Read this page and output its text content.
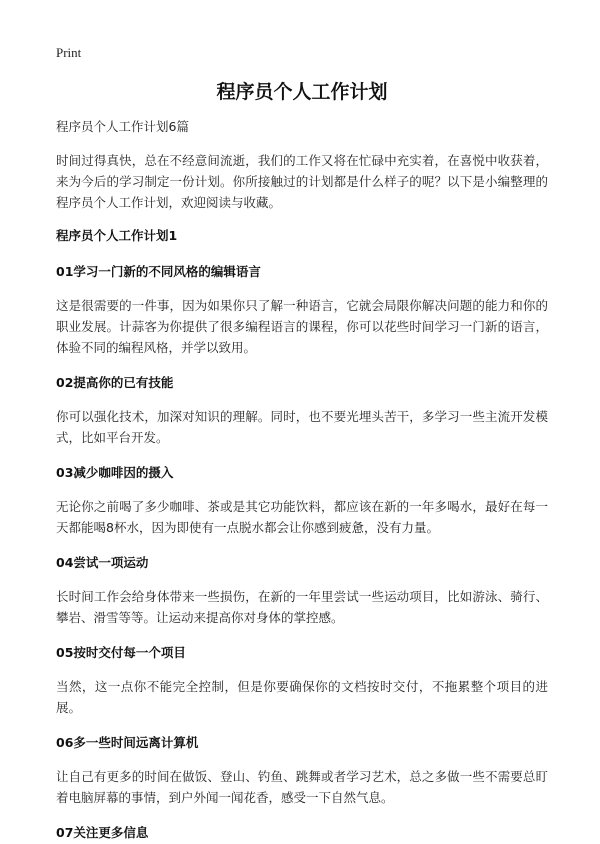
Print
程序员个人工作计划
程序员个人工作计划6篇
时间过得真快，总在不经意间流逝，我们的工作又将在忙碌中充实着，在喜悦中收获着，来为今后的学习制定一份计划。你所接触过的计划都是什么样子的呢？以下是小编整理的程序员个人工作计划，欢迎阅读与收藏。
程序员个人工作计划1
01学习一门新的不同风格的编辑语言
这是很需要的一件事，因为如果你只了解一种语言，它就会局限你解决问题的能力和你的职业发展。计蒜客为你提供了很多编程语言的课程，你可以花些时间学习一门新的语言，体验不同的编程风格，并学以致用。
02提高你的已有技能
你可以强化技术，加深对知识的理解。同时，也不要光埋头苦干，多学习一些主流开发模式，比如平台开发。
03减少咖啡因的摄入
无论你之前喝了多少咖啡、茶或是其它功能饮料，都应该在新的一年多喝水，最好在每一天都能喝8杯水，因为即使有一点脱水都会让你感到疲惫，没有力量。
04尝试一项运动
长时间工作会给身体带来一些损伤，在新的一年里尝试一些运动项目，比如游泳、骑行、攀岩、滑雪等等。让运动来提高你对身体的掌控感。
05按时交付每一个项目
当然，这一点你不能完全控制，但是你要确保你的文档按时交付，不拖累整个项目的进展。
06多一些时间远离计算机
让自己有更多的时间在做饭、登山、钓鱼、跳舞或者学习艺术，总之多做一些不需要总盯着电脑屏幕的事情，到户外闻一闻花香，感受一下自然气息。
07关注更多信息
